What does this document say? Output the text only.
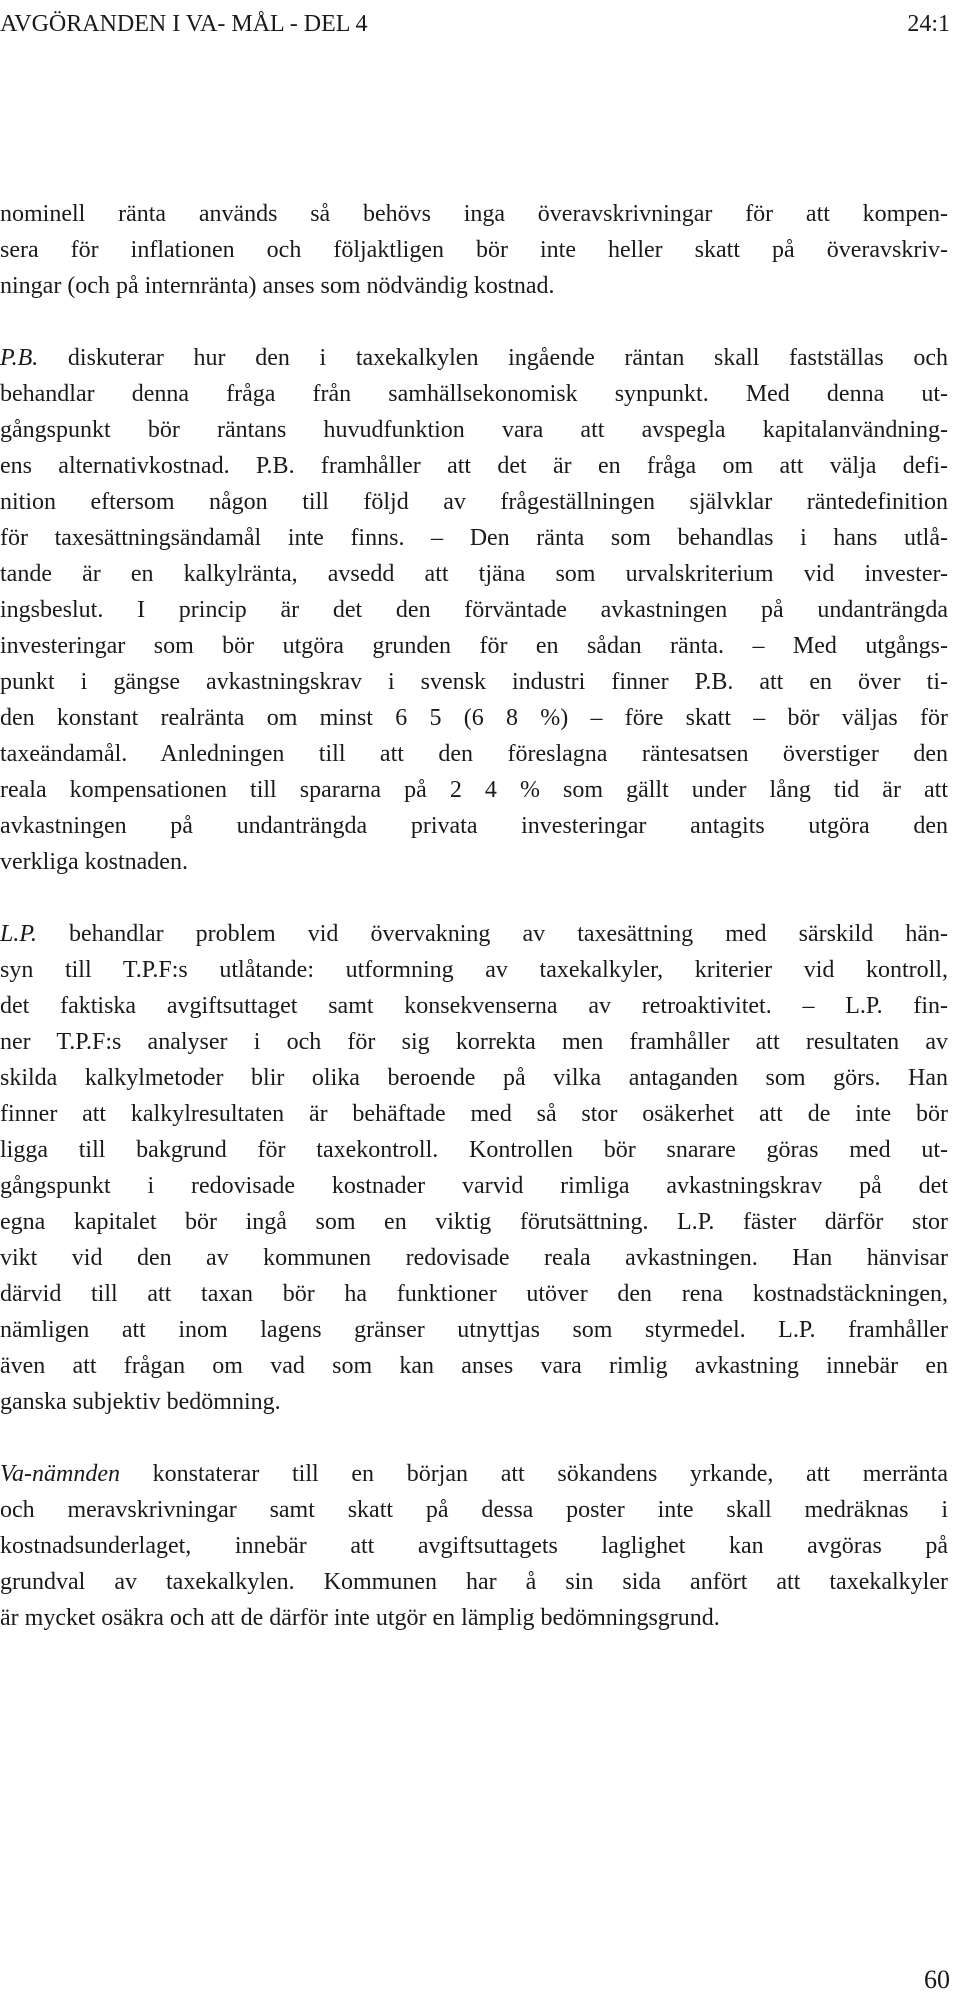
AVGÖRANDEN I VA- MÅL - DEL 4	24:1

nominell ränta används så behövs inga överavskrivningar för att kompen-
sera för inflationen och följaktligen bör inte heller skatt på överavskriv-
ningar (och på internränta) anses som nödvändig kostnad.

P.B. diskuterar hur den i taxekalkylen ingående räntan skall fastställas och
behandlar denna fråga från samhällsekonomisk synpunkt. Med denna ut-
gångspunkt bör räntans huvudfunktion vara att avspegla kapitalanvändning-
ens alternativkostnad. P.B. framhåller att det är en fråga om att välja defi-
nition eftersom någon till följd av frågeställningen självklar räntedefinition
för taxesättningsändamål inte finns. – Den ränta som behandlas i hans utlå-
tande är en kalkylränta, avsedd att tjäna som urvalskriterium vid invester-
ingsbeslut. I princip är det den förväntade avkastningen på undanträngda
investeringar som bör utgöra grunden för en sådan ränta. – Med utgångs-
punkt i gängse avkastningskrav i svensk industri finner P.B. att en över ti-
den konstant realränta om minst 6 5 (6 8 %) – före skatt – bör väljas för
taxeändamål. Anledningen till att den föreslagna räntesatsen överstiger den
reala kompensationen till spararna på 2 4 % som gällt under lång tid är att
avkastningen på undanträngda privata investeringar antagits utgöra den
verkliga kostnaden.

L.P. behandlar problem vid övervakning av taxesättning med särskild hän-
syn till T.P.F:s utlåtande: utformning av taxekalkyler, kriterier vid kontroll,
det faktiska avgiftsuttaget samt konsekvenserna av retroaktivitet. – L.P. fin-
ner T.P.F:s analyser i och för sig korrekta men framhåller att resultaten av
skilda kalkylmetoder blir olika beroende på vilka antaganden som görs. Han
finner att kalkylresultaten är behäftade med så stor osäkerhet att de inte bör
ligga till bakgrund för taxekontroll. Kontrollen bör snarare göras med ut-
gångspunkt i redovisade kostnader varvid rimliga avkastningskrav på det
egna kapitalet bör ingå som en viktig förutsättning. L.P. fäster därför stor
vikt vid den av kommunen redovisade reala avkastningen. Han hänvisar
därvid till att taxan bör ha funktioner utöver den rena kostnadstäckningen,
nämligen att inom lagens gränser utnyttjas som styrmedel. L.P. framhåller
även att frågan om vad som kan anses vara rimlig avkastning innebär en
ganska subjektiv bedömning.

Va-nämnden konstaterar till en början att sökandens yrkande, att merränta
och meravskrivningar samt skatt på dessa poster inte skall medräknas i
kostnadsunderlaget, innebär att avgiftsuttagets laglighet kan avgöras på
grundval av taxekalkylen. Kommunen har å sin sida anfört att taxekalkyler
är mycket osäkra och att de därför inte utgör en lämplig bedömningsgrund.

60
